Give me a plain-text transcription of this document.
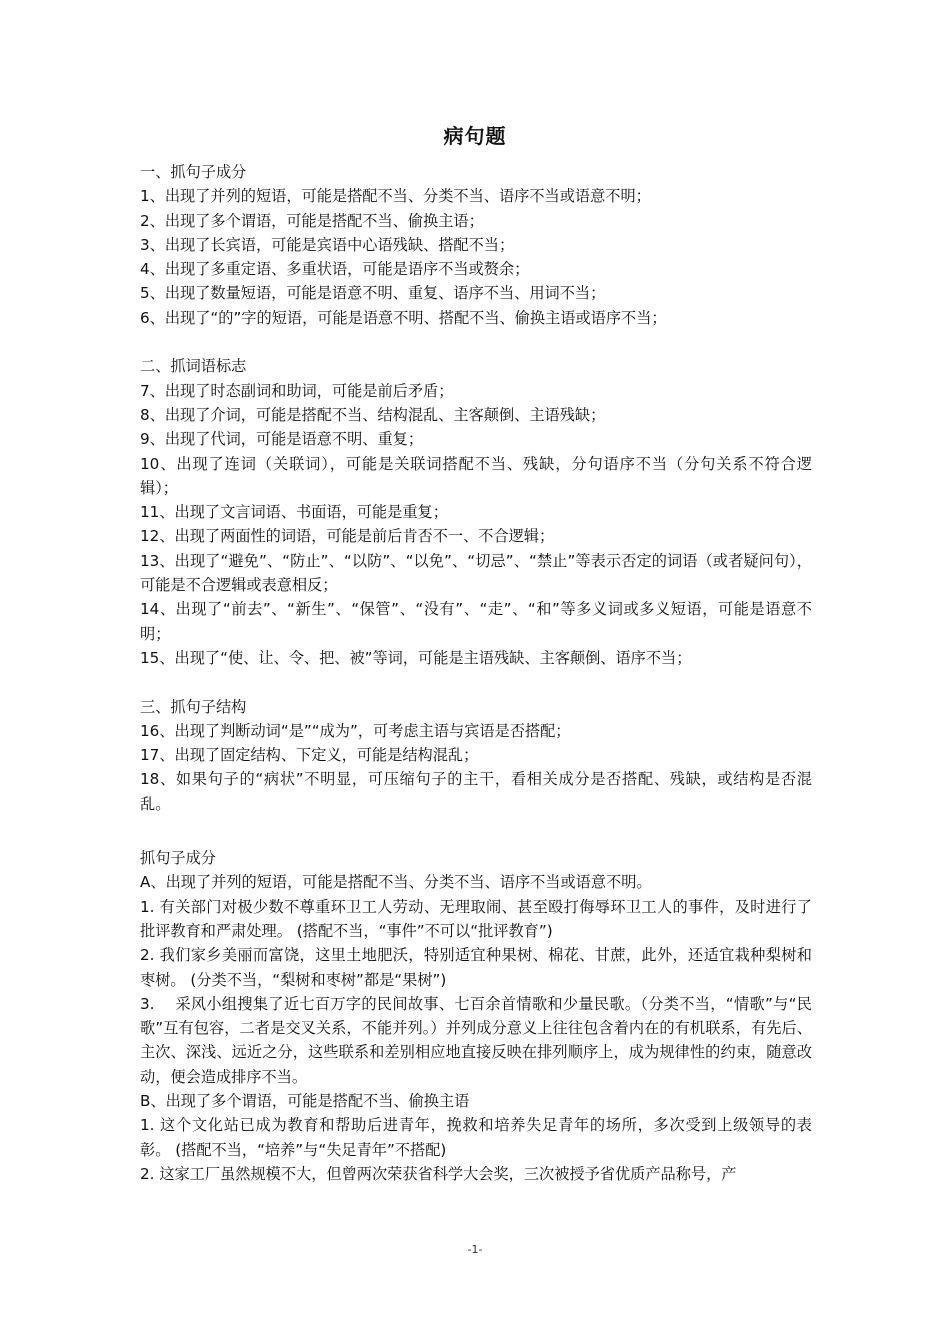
病句题

一、抓句子成分

1、出现了并列的短语，可能是搭配不当、分类不当、语序不当或语意不明；

2、出现了多个谓语，可能是搭配不当、偷换主语；

3、出现了长宾语，可能是宾语中心语残缺、搭配不当；

4、出现了多重定语、多重状语，可能是语序不当或赘余；

5、出现了数量短语，可能是语意不明、重复、语序不当、用词不当；

6、出现了“的”字的短语，可能是语意不明、搭配不当、偷换主语或语序不当；

二、抓词语标志

7、出现了时态副词和助词，可能是前后矛盾；

8、出现了介词，可能是搭配不当、结构混乱、主客颠倒、主语残缺；

9、出现了代词，可能是语意不明、重复；

10、出现了连词（关联词），可能是关联词搭配不当、残缺，分句语序不当（分句关系不符合逻辑）；

11、出现了文言词语、书面语，可能是重复；

12、出现了两面性的词语，可能是前后肯否不一、不合逻辑；

13、出现了“避免”、“防止”、“以防”、“以免”、“切忌”、“禁止”等表示否定的词语（或者疑问句），可能是不合逻辑或表意相反；

14、出现了“前去”、“新生”、“保管”、“没有”、“走”、“和”等多义词或多义短语，可能是语意不明；

15、出现了“使、让、令、把、被”等词，可能是主语残缺、主客颠倒、语序不当；

三、抓句子结构

16、出现了判断动词“是”“成为”，可考虑主语与宾语是否搭配；

17、出现了固定结构、下定义，可能是结构混乱；

18、如果句子的“病状”不明显，可压缩句子的主干，看相关成分是否搭配、残缺，或结构是否混乱。

抓句子成分

A、出现了并列的短语，可能是搭配不当、分类不当、语序不当或语意不明。

1. 有关部门对极少数不尊重环卫工人劳动、无理取闹、甚至殴打侮辱环卫工人的事件，及时进行了批评教育和严肃处理。 (搭配不当，“事件”不可以“批评教育”)

2. 我们家乡美丽而富饶，这里土地肥沃，特别适宜种果树、棉花、甘蔗，此外，还适宜栽种梨树和枣树。 (分类不当，“梨树和枣树”都是“果树”)

3.　 采风小组搜集了近七百万字的民间故事、七百余首情歌和少量民歌。（分类不当，“情歌”与“民歌”互有包容，二者是交叉关系，不能并列。）并列成分意义上往往包含着内在的有机联系，有先后、主次、深浅、远近之分，这些联系和差别相应地直接反映在排列顺序上，成为规律性的约束，随意改动，便会造成排序不当。

B、出现了多个谓语，可能是搭配不当、偷换主语

1. 这个文化站已成为教育和帮助后进青年，挽救和培养失足青年的场所，多次受到上级领导的表彰。 (搭配不当，“培养”与“失足青年”不搭配)

2. 这家工厂虽然规模不大，但曾两次荣获省科学大会奖，三次被授予省优质产品称号，产

-1-
